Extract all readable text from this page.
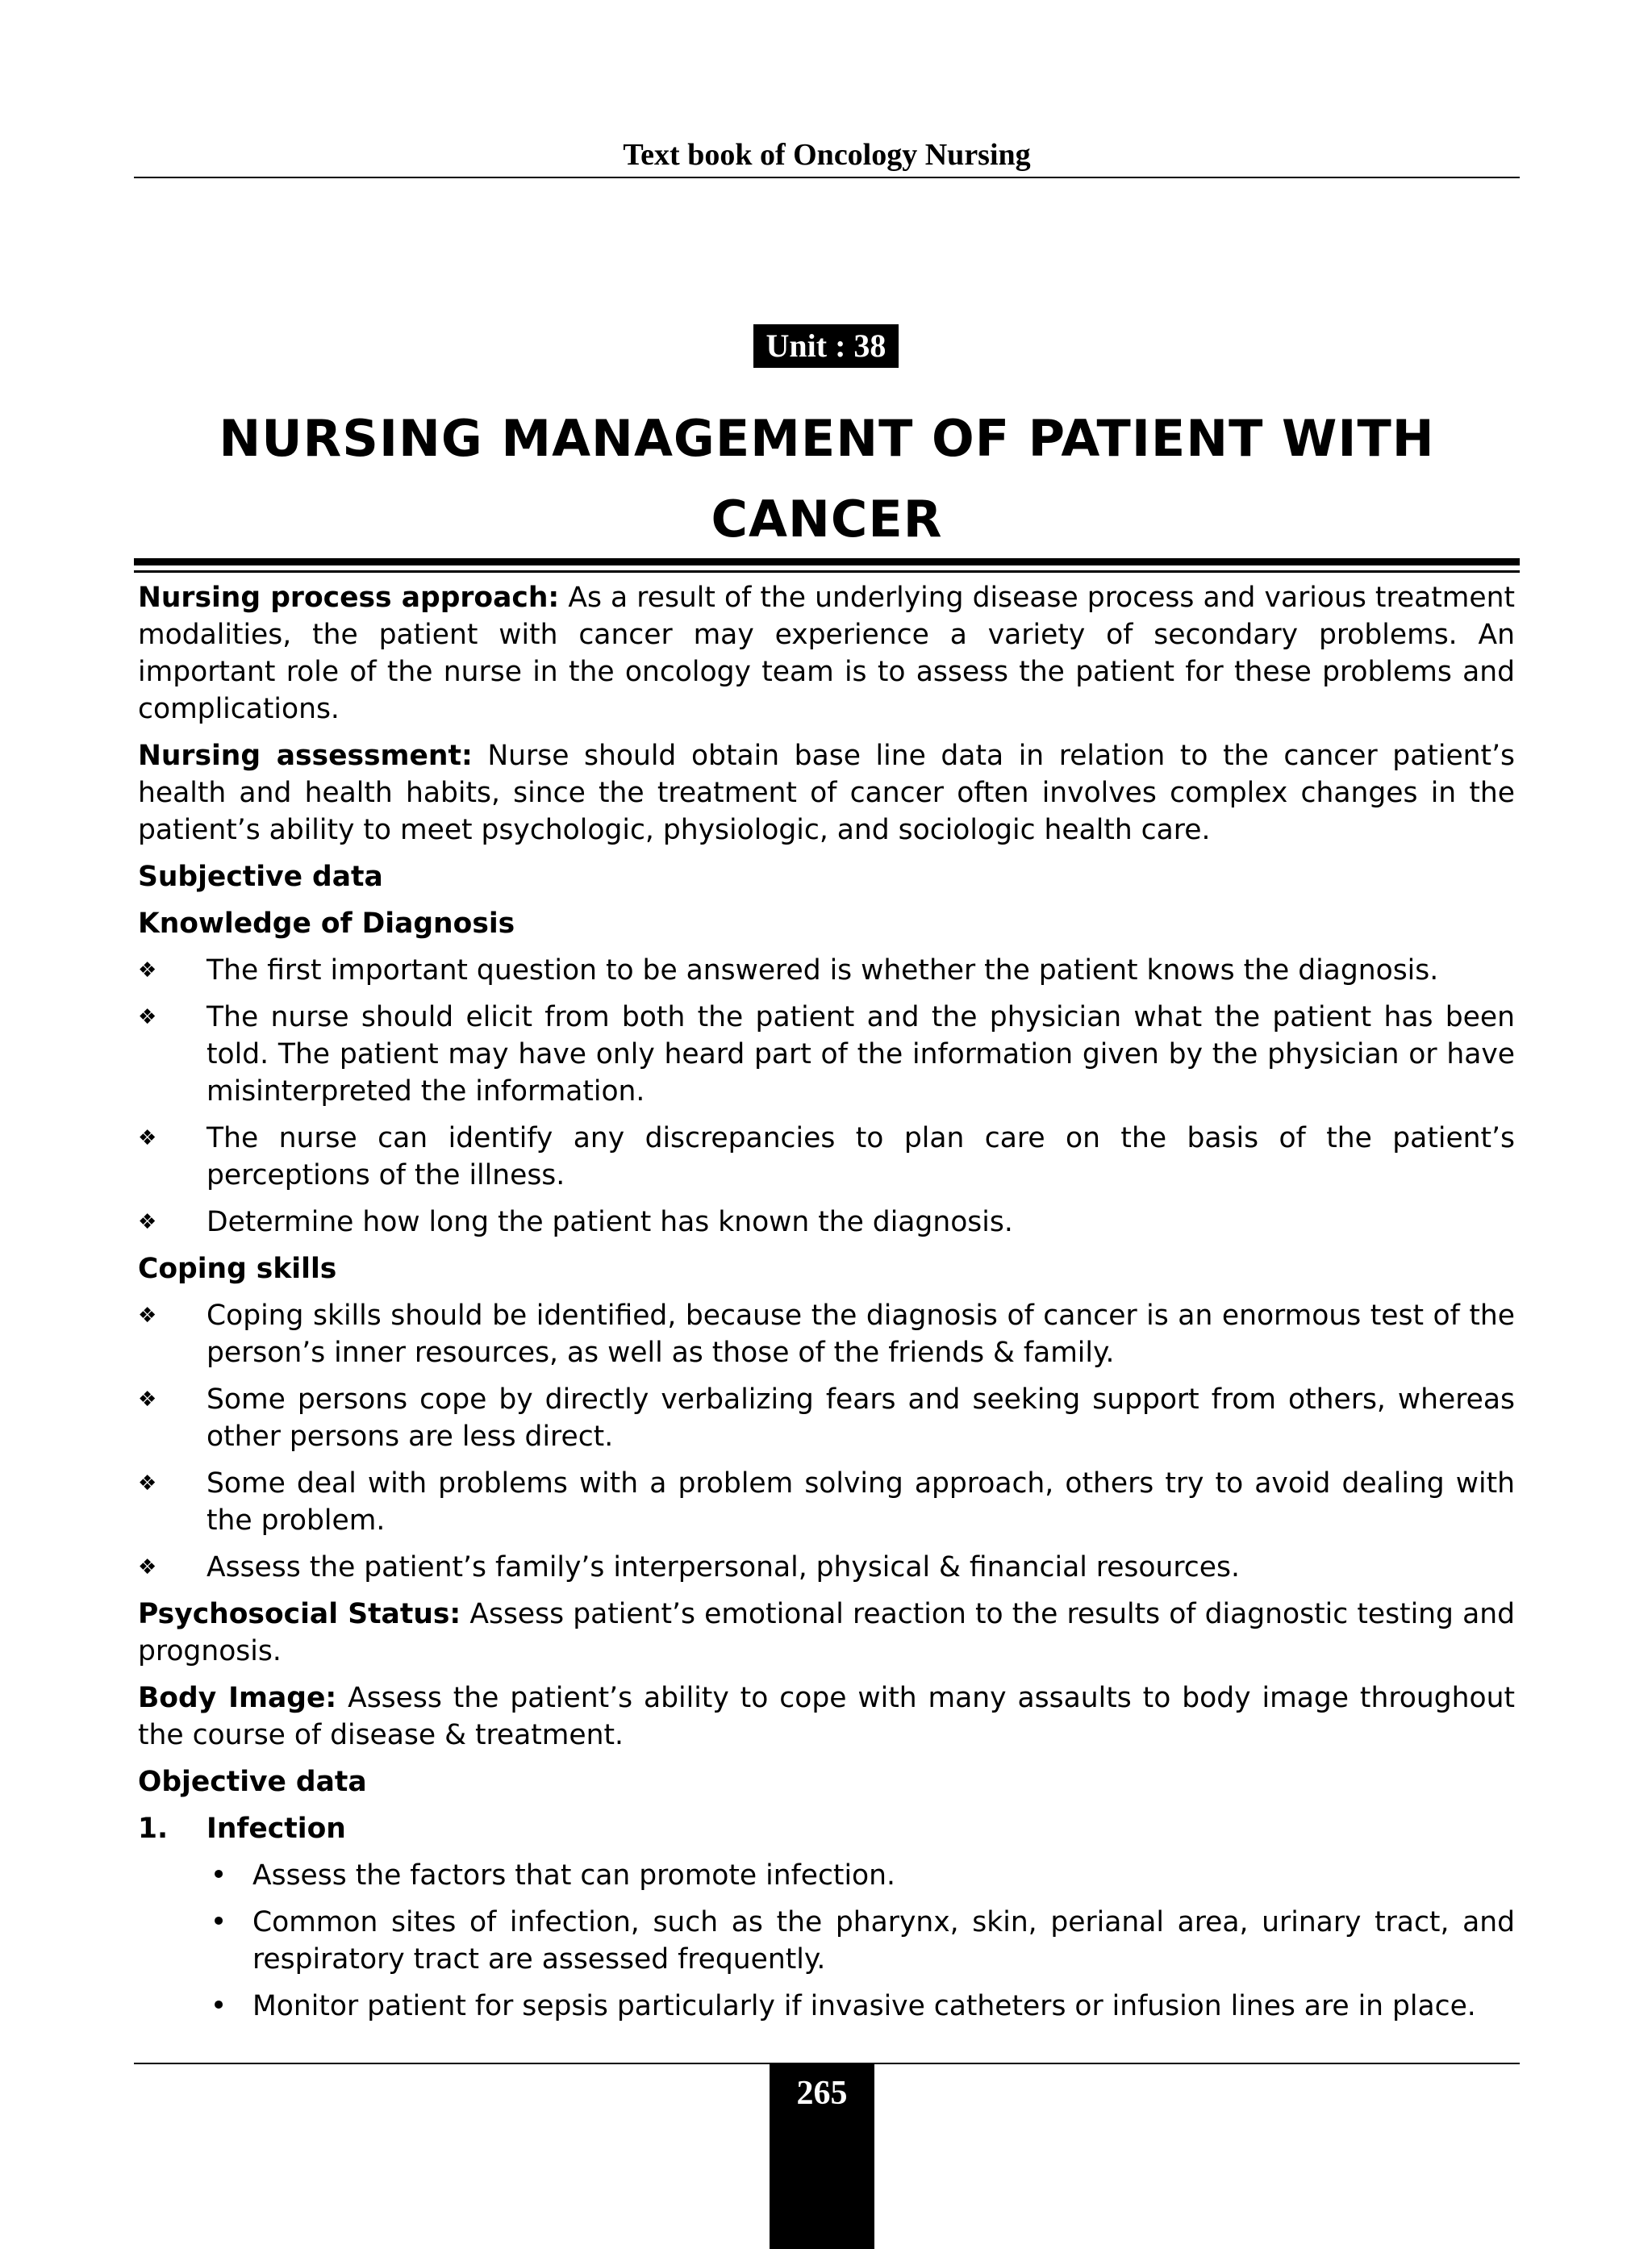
Text book of Oncology Nursing
Unit : 38
NURSING MANAGEMENT OF PATIENT WITH
CANCER

Nursing process approach: As a result of the underlying disease process and various treatment modalities, the patient with cancer may experience a variety of secondary problems. An important role of the nurse in the oncology team is to assess the patient for these problems and complications.

Nursing assessment: Nurse should obtain base line data in relation to the cancer patient’s health and health habits, since the treatment of cancer often involves complex changes in the patient’s ability to meet psychologic, physiologic, and sociologic health care.

Subjective data
Knowledge of Diagnosis
❖	The first important question to be answered is whether the patient knows the diagnosis.
❖	The nurse should elicit from both the patient and the physician what the patient has been told. The patient may have only heard part of the information given by the physician or have misinterpreted the information.
❖	The nurse can identify any discrepancies to plan care on the basis of the patient’s perceptions of the illness.
❖	Determine how long the patient has known the diagnosis.
Coping skills
❖	Coping skills should be identified, because the diagnosis of cancer is an enormous test of the person’s inner resources, as well as those of the friends & family.
❖	Some persons cope by directly verbalizing fears and seeking support from others, whereas other persons are less direct.
❖	Some deal with problems with a problem solving approach, others try to avoid dealing with the problem.
❖	Assess the patient’s family’s interpersonal, physical & financial resources.

Psychosocial Status: Assess patient’s emotional reaction to the results of diagnostic testing and prognosis.

Body Image: Assess the patient’s ability to cope with many assaults to body image throughout the course of disease & treatment.

Objective data
1. Infection
• Assess the factors that can promote infection.
• Common sites of infection, such as the pharynx, skin, perianal area, urinary tract, and respiratory tract are assessed frequently.
• Monitor patient for sepsis particularly if invasive catheters or infusion lines are in place.
265
